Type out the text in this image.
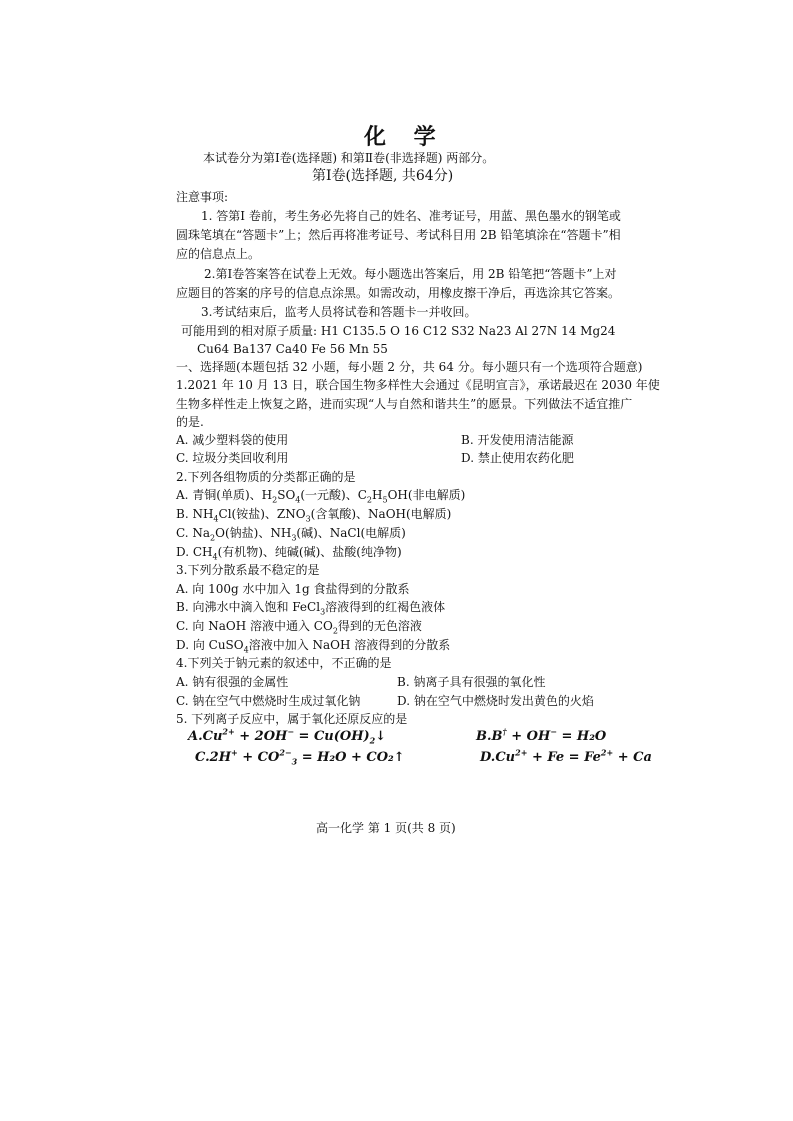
化 学
本试卷分为第Ⅰ卷(选择题) 和第Ⅱ卷(非选择题) 两部分。
第Ⅰ卷(选择题, 共64分)
注意事项:
1. 答第Ⅰ 卷前，考生务必先将自己的姓名、准考证号，用蓝、黑色墨水的钢笔或
圆珠笔填在“答题卡”上；然后再将准考证号、考试科目用 2B 铅笔填涂在“答题卡”相
应的信息点上。
2.第Ⅰ卷答案答在试卷上无效。每小题选出答案后，用 2B 铅笔把“答题卡”上对
应题目的答案的序号的信息点涂黑。如需改动，用橡皮擦干净后，再选涂其它答案。
3.考试结束后，监考人员将试卷和答题卡一并收回。
可能用到的相对原子质量: H1 C135.5 O 16 C12 S32 Na23 Al 27N 14 Mg24
Cu64 Ba137 Ca40 Fe 56 Mn 55
一、选择题(本题包括 32 小题，每小题 2 分，共 64 分。每小题只有一个选项符合题意)
1.2021 年 10 月 13 日，联合国生物多样性大会通过《昆明宣言》，承诺最迟在 2030 年使
生物多样性走上恢复之路，进而实现“人与自然和谐共生”的愿景。下列做法不适宜推广
的是.
A. 减少塑料袋的使用	B. 开发使用清洁能源
C. 垃圾分类回收利用	D. 禁止使用农药化肥
2.下列各组物质的分类都正确的是
A. 青铜(单质)、$H_2SO_4$(一元酸)、$C_2H_5OH$(非电解质)
B. $NH_4Cl$(铵盐)、$ZNO_3$(含氧酸)、NaOH(电解质)
C. $Na_2O$(钠盐)、$NH_3$(碱)、NaCl(电解质)
D. $CH_4$(有机物)、纯碱(碱)、盐酸(纯净物)
3.下列分散系最不稳定的是
A. 向 100g 水中加入 1g 食盐得到的分散系
B. 向沸水中滴入饱和 FeCl$_3$溶液得到的红褐色液体
C. 向 NaOH 溶液中通入 $CO_2$得到的无色溶液
D. 向 CuSO$_4$溶液中加入 NaOH 溶液得到的分散系
4.下列关于钠元素的叙述中，不正确的是
A. 钠有很强的金属性	B. 钠离子具有很强的氧化性
C. 钠在空气中燃烧时生成过氧化钠	D. 钠在空气中燃烧时发出黄色的火焰
5. 下列离子反应中，属于氧化还原反应的是
$A.Cu^{2+} + 2OH^-$ = $Cu(OH)_2↓$	B.B† + OH− = H₂O
$C.2H^+ + CO^{2-}_3 = H_2O$ + CO₂↑	$D.Cu^{2+} + Fe = Fe^{2+} + Ca$
高一化学 第 1 页(共 8 页)
